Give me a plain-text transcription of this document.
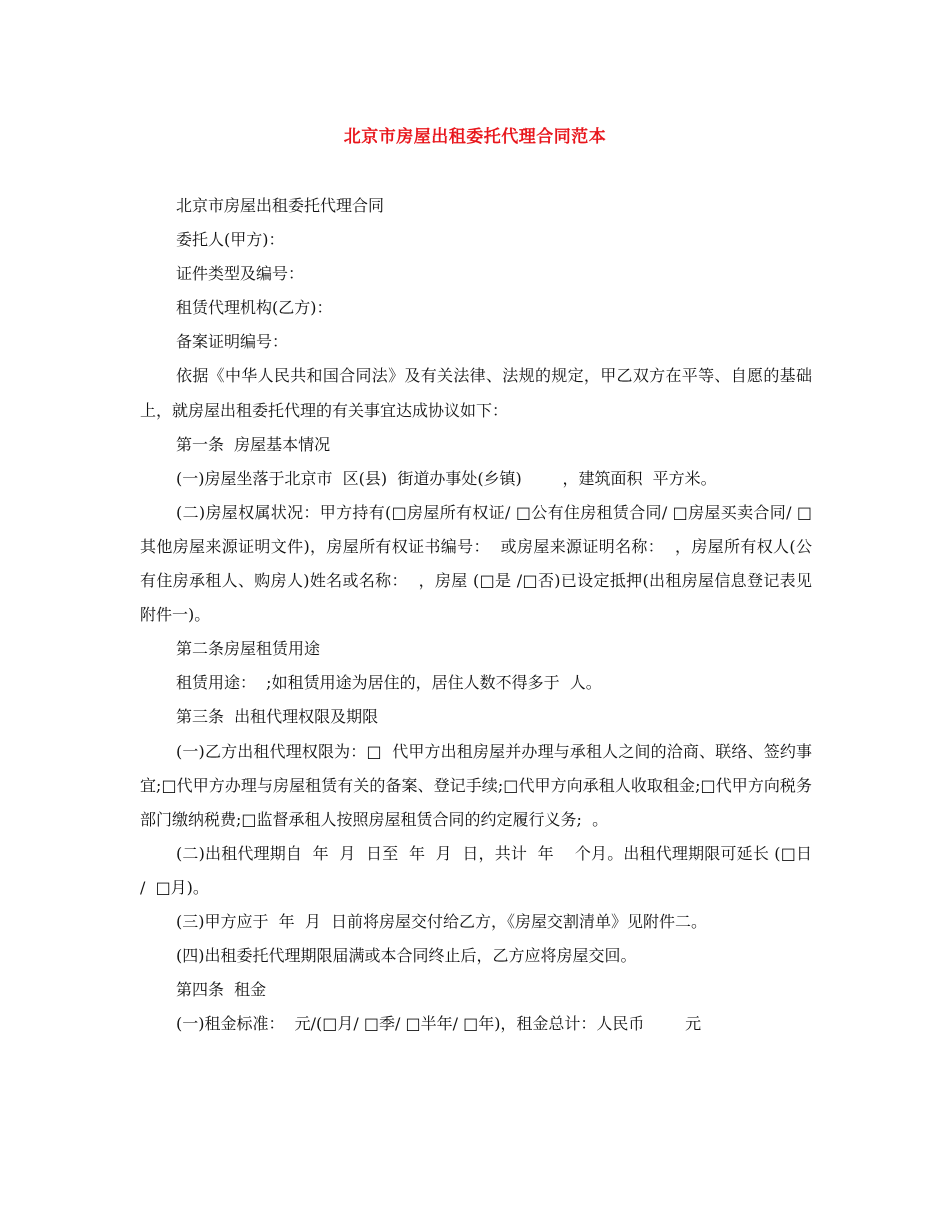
北京市房屋出租委托代理合同范本

北京市房屋出租委托代理合同

委托人(甲方)：

证件类型及编号：

租赁代理机构(乙方)：

备案证明编号：

依据《中华人民共和国合同法》及有关法律、法规的规定，甲乙双方在平等、自愿的基础上，就房屋出租委托代理的有关事宜达成协议如下：

第一条  房屋基本情况

(一)房屋坐落于北京市  区(县)  街道办事处(乡镇)        ，建筑面积  平方米。

(二)房屋权属状况：甲方持有(□房屋所有权证/ □公有住房租赁合同/ □房屋买卖合同/ □其他房屋来源证明文件)，房屋所有权证书编号：  或房屋来源证明名称：  ，房屋所有权人(公有住房承租人、购房人)姓名或名称：  ，房屋 (□是 /□否)已设定抵押(出租房屋信息登记表见附件一)。

第二条房屋租赁用途

租赁用途：  ;如租赁用途为居住的，居住人数不得多于  人。

第三条  出租代理权限及期限

(一)乙方出租代理权限为：□  代甲方出租房屋并办理与承租人之间的洽商、联络、签约事宜;□代甲方办理与房屋租赁有关的备案、登记手续;□代甲方向承租人收取租金;□代甲方向税务部门缴纳税费;□监督承租人按照房屋租赁合同的约定履行义务;  。

(二)出租代理期自  年  月  日至  年  月  日，共计  年    个月。出租代理期限可延长 (□日  /  □月)。

(三)甲方应于  年  月  日前将房屋交付给乙方，《房屋交割清单》见附件二。

(四)出租委托代理期限届满或本合同终止后，乙方应将房屋交回。

第四条  租金

(一)租金标准：  元/(□月/ □季/ □半年/ □年)，租金总计：人民币        元
